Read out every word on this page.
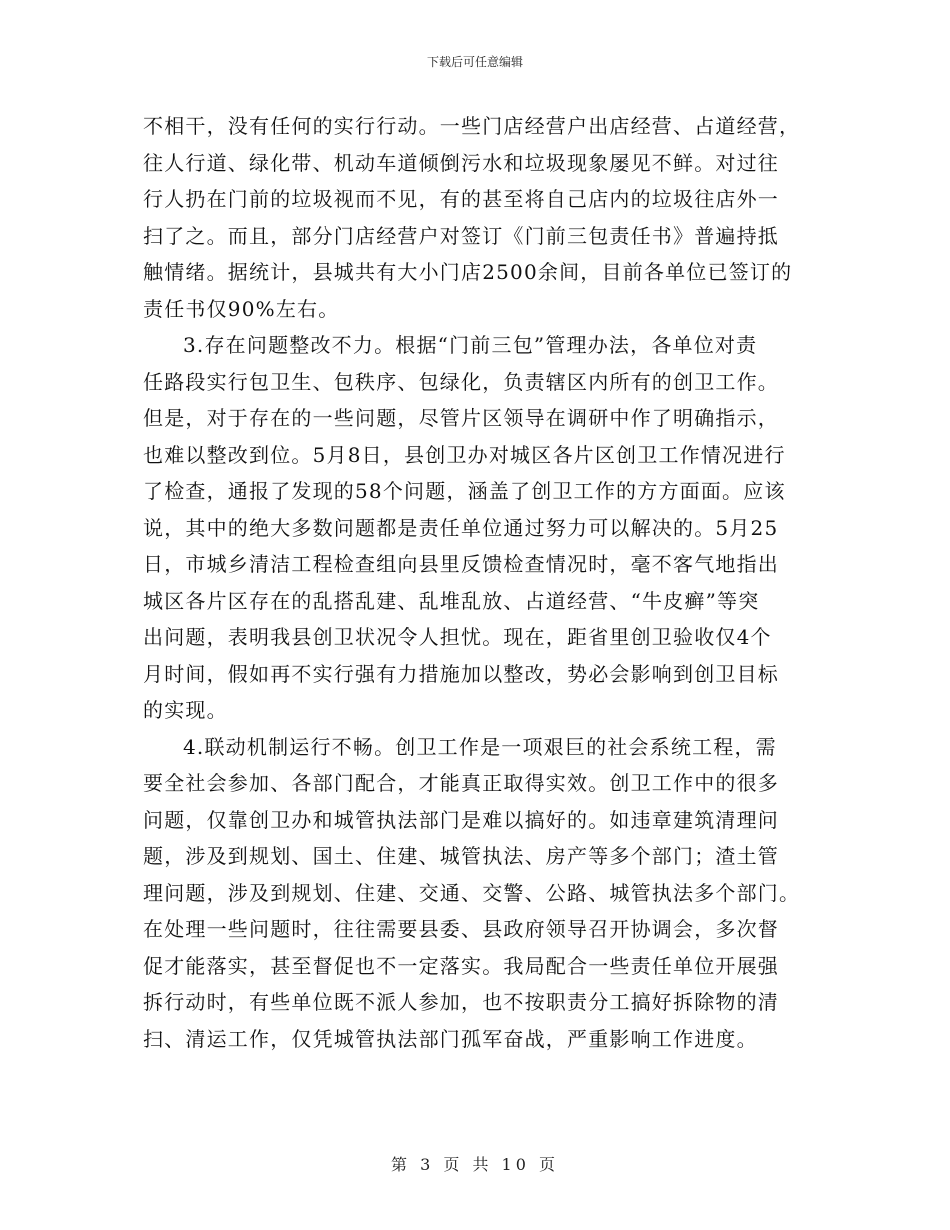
下载后可任意编辑
不相干，没有任何的实行行动。一些门店经营户出店经营、占道经营，
往人行道、绿化带、机动车道倾倒污水和垃圾现象屡见不鲜。对过往
行人扔在门前的垃圾视而不见，有的甚至将自己店内的垃圾往店外一
扫了之。而且，部分门店经营户对签订《门前三包责任书》普遍持抵
触情绪。据统计，县城共有大小门店2500余间，目前各单位已签订的
责任书仅90%左右。
3.存在问题整改不力。根据“门前三包”管理办法，各单位对责
任路段实行包卫生、包秩序、包绿化，负责辖区内所有的创卫工作。
但是，对于存在的一些问题，尽管片区领导在调研中作了明确指示，
也难以整改到位。5月8日，县创卫办对城区各片区创卫工作情况进行
了检查，通报了发现的58个问题，涵盖了创卫工作的方方面面。应该
说，其中的绝大多数问题都是责任单位通过努力可以解决的。5月25
日，市城乡清洁工程检查组向县里反馈检查情况时，毫不客气地指出
城区各片区存在的乱搭乱建、乱堆乱放、占道经营、“牛皮癣”等突
出问题，表明我县创卫状况令人担忧。现在，距省里创卫验收仅4个
月时间，假如再不实行强有力措施加以整改，势必会影响到创卫目标
的实现。
4.联动机制运行不畅。创卫工作是一项艰巨的社会系统工程，需
要全社会参加、各部门配合，才能真正取得实效。创卫工作中的很多
问题，仅靠创卫办和城管执法部门是难以搞好的。如违章建筑清理问
题，涉及到规划、国土、住建、城管执法、房产等多个部门；渣土管
理问题，涉及到规划、住建、交通、交警、公路、城管执法多个部门。
在处理一些问题时，往往需要县委、县政府领导召开协调会，多次督
促才能落实，甚至督促也不一定落实。我局配合一些责任单位开展强
拆行动时，有些单位既不派人参加，也不按职责分工搞好拆除物的清
扫、清运工作，仅凭城管执法部门孤军奋战，严重影响工作进度。
第 3 页 共 10 页
